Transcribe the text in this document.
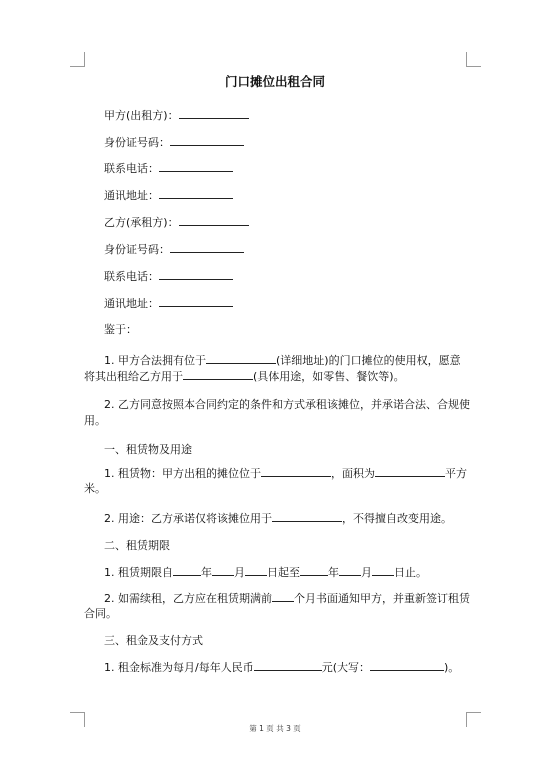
门口摊位出租合同
甲方(出租方)：
身份证号码：
联系电话：
通讯地址：
乙方(承租方)：
身份证号码：
联系电话：
通讯地址：
鉴于：
1. 甲方合法拥有位于	(详细地址)的门口摊位的使用权，愿意
将其出租给乙方用于	(具体用途，如零售、餐饮等)。
2. 乙方同意按照本合同约定的条件和方式承租该摊位，并承诺合法、合规使
用。
一、租赁物及用途
1. 租赁物：甲方出租的摊位位于	，面积为	平方
米。
2. 用途：乙方承诺仅将该摊位用于	，不得擅自改变用途。
二、租赁期限
1. 租赁期限自	年 月 日起至	年 月 日止。
2. 如需续租，乙方应在租赁期满前 个月书面通知甲方，并重新签订租赁
合同。
三、租金及支付方式
1. 租金标准为每月/每年人民币	元(大写：	)。
第 1 页 共 3 页
